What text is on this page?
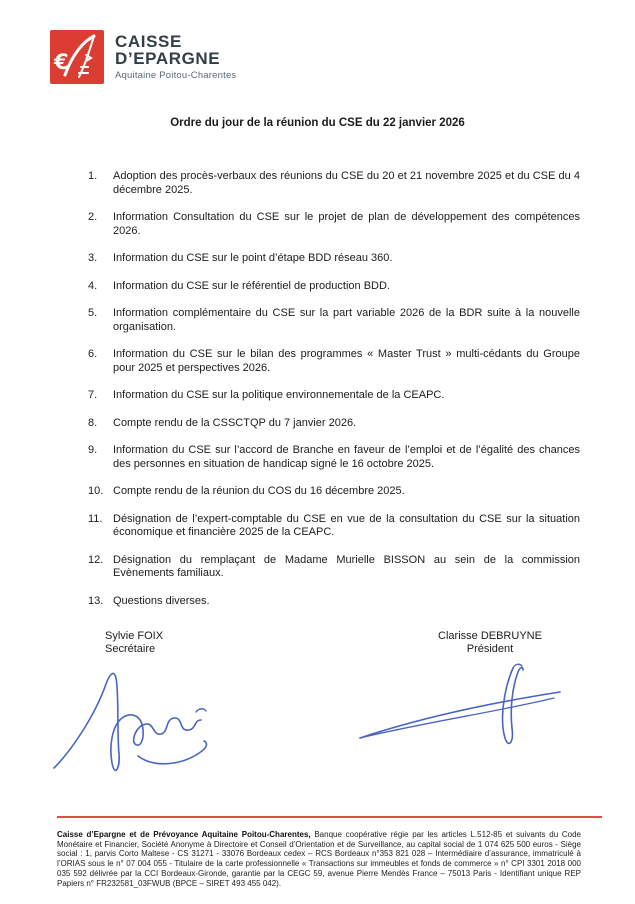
€
CAISSE
D’EPARGNE
Aquitaine Poitou-Charentes
Ordre du jour de la réunion du CSE du 22 janvier 2026
1.	Adoption des procès-verbaux des réunions du CSE du 20 et 21 novembre 2025 et du CSE du 4 décembre 2025.
2.	Information Consultation du CSE sur le projet de plan de développement des compétences 2026.
3.	Information du CSE sur le point d’étape BDD réseau 360.
4.	Information du CSE sur le référentiel de production BDD.
5.	Information complémentaire du CSE sur la part variable 2026 de la BDR suite à la nouvelle organisation.
6.	Information du CSE sur le bilan des programmes « Master Trust » multi-cédants du Groupe pour 2025 et perspectives 2026.
7.	Information du CSE sur la politique environnementale de la CEAPC.
8.	Compte rendu de la CSSCTQP du 7 janvier 2026.
9.	Information du CSE sur l’accord de Branche en faveur de l’emploi et de l’égalité des chances des personnes en situation de handicap signé le 16 octobre 2025.
10. Compte rendu de la réunion du COS du 16 décembre 2025.
11. Désignation de l’expert-comptable du CSE en vue de la consultation du CSE sur la situation économique et financière 2025 de la CEAPC.
12. Désignation du remplaçant de Madame Murielle BISSON au sein de la commission Evènements familiaux.
13. Questions diverses.
Sylvie FOIX
Secrétaire
Clarisse DEBRUYNE
Président

Caisse d’Epargne et de Prévoyance Aquitaine Poitou-Charentes, Banque coopérative régie par les articles L.512-85 et suivants du Code Monétaire et Financier, Société Anonyme à Directoire et Conseil d’Orientation et de Surveillance, au capital social de 1 074 625 500 euros - Siège social : 1, parvis Corto Maltese - CS 31271 - 33076 Bordeaux cedex – RCS Bordeaux n°353 821 028 – Intermédiaire d’assurance, immatriculé à l’ORIAS sous le n° 07 004 055 - Titulaire de la carte professionnelle « Transactions sur immeubles et fonds de commerce » n° CPI 3301 2018 000 035 592 délivrée par la CCI Bordeaux-Gironde, garantie par la CEGC 59, avenue Pierre Mendès France – 75013 Paris - Identifiant unique REP Papiers n° FR232581_03FWUB (BPCE – SIRET 493 455 042).
